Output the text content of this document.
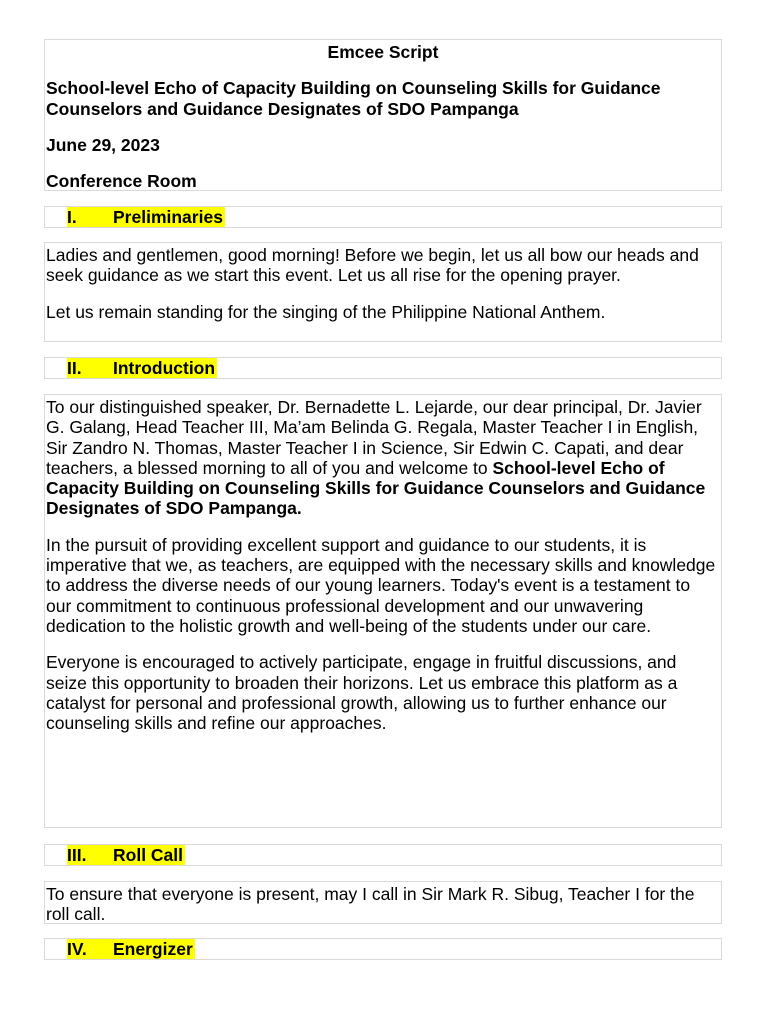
Emcee Script

School-level Echo of Capacity Building on Counseling Skills for Guidance Counselors and Guidance Designates of SDO Pampanga

June 29, 2023

Conference Room

I.	Preliminaries

Ladies and gentlemen, good morning! Before we begin, let us all bow our heads and seek guidance as we start this event. Let us all rise for the opening prayer.

Let us remain standing for the singing of the Philippine National Anthem.

II.	Introduction

To our distinguished speaker, Dr. Bernadette L. Lejarde, our dear principal, Dr. Javier G. Galang, Head Teacher III, Ma’am Belinda G. Regala, Master Teacher I in English, Sir Zandro N. Thomas, Master Teacher I in Science, Sir Edwin C. Capati, and dear teachers, a blessed morning to all of you and welcome to School-level Echo of Capacity Building on Counseling Skills for Guidance Counselors and Guidance Designates of SDO Pampanga.

In the pursuit of providing excellent support and guidance to our students, it is imperative that we, as teachers, are equipped with the necessary skills and knowledge to address the diverse needs of our young learners. Today's event is a testament to our commitment to continuous professional development and our unwavering dedication to the holistic growth and well-being of the students under our care.

Everyone is encouraged to actively participate, engage in fruitful discussions, and seize this opportunity to broaden their horizons. Let us embrace this platform as a catalyst for personal and professional growth, allowing us to further enhance our counseling skills and refine our approaches.

III.	Roll Call

To ensure that everyone is present, may I call in Sir Mark R. Sibug, Teacher I for the roll call.

IV.	Energizer
